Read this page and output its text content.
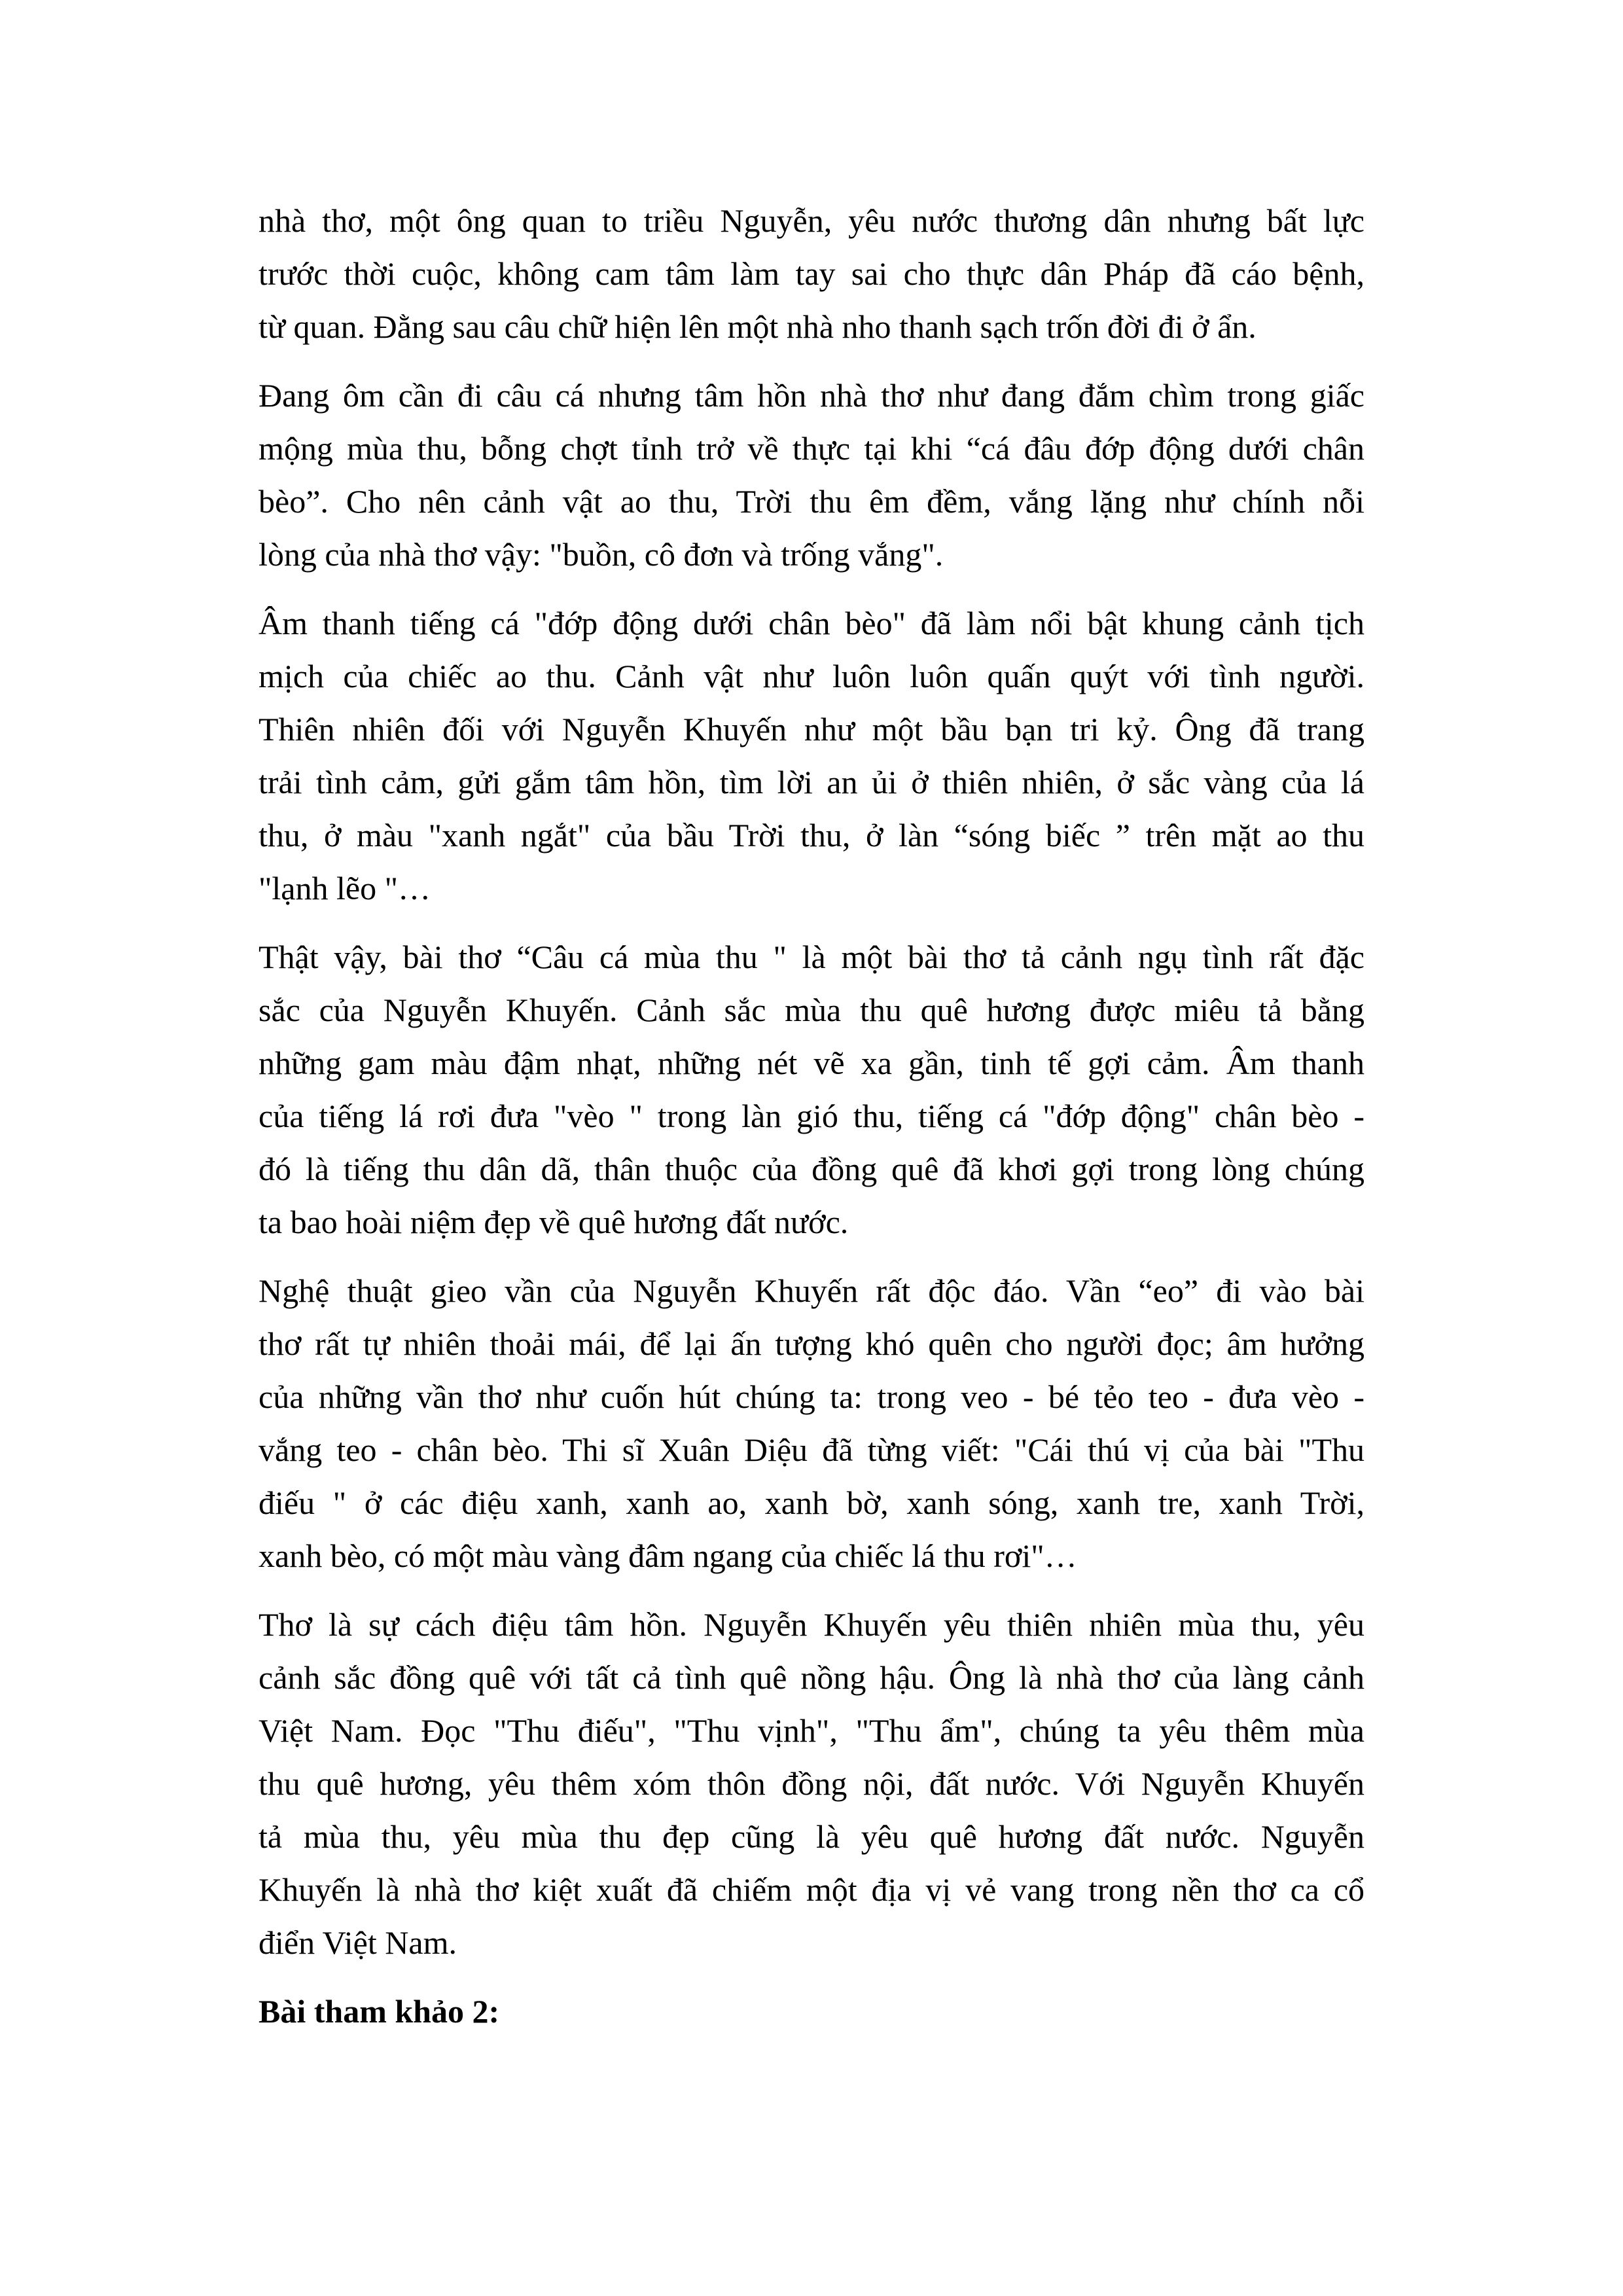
nhà thơ, một ông quan to triều Nguyễn, yêu nước thương dân nhưng bất lực
trước thời cuộc, không cam tâm làm tay sai cho thực dân Pháp đã cáo bệnh,
từ quan. Đằng sau câu chữ hiện lên một nhà nho thanh sạch trốn đời đi ở ẩn.
Đang ôm cần đi câu cá nhưng tâm hồn nhà thơ như đang đắm chìm trong giấc
mộng mùa thu, bỗng chợt tỉnh trở về thực tại khi “cá đâu đớp động dưới chân
bèo”. Cho nên cảnh vật ao thu, Trời thu êm đềm, vắng lặng như chính nỗi
lòng của nhà thơ vậy: "buồn, cô đơn và trống vắng".
Âm thanh tiếng cá "đớp động dưới chân bèo" đã làm nổi bật khung cảnh tịch
mịch của chiếc ao thu. Cảnh vật như luôn luôn quấn quýt với tình người.
Thiên nhiên đối với Nguyễn Khuyến như một bầu bạn tri kỷ. Ông đã trang
trải tình cảm, gửi gắm tâm hồn, tìm lời an ủi ở thiên nhiên, ở sắc vàng của lá
thu, ở màu "xanh ngắt" của bầu Trời thu, ở làn “sóng biếc ” trên mặt ao thu
"lạnh lẽo "…
Thật vậy, bài thơ “Câu cá mùa thu " là một bài thơ tả cảnh ngụ tình rất đặc
sắc của Nguyễn Khuyến. Cảnh sắc mùa thu quê hương được miêu tả bằng
những gam màu đậm nhạt, những nét vẽ xa gần, tinh tế gợi cảm. Âm thanh
của tiếng lá rơi đưa "vèo " trong làn gió thu, tiếng cá "đớp động" chân bèo -
đó là tiếng thu dân dã, thân thuộc của đồng quê đã khơi gợi trong lòng chúng
ta bao hoài niệm đẹp về quê hương đất nước.
Nghệ thuật gieo vần của Nguyễn Khuyến rất độc đáo. Vần “eo” đi vào bài
thơ rất tự nhiên thoải mái, để lại ấn tượng khó quên cho người đọc; âm hưởng
của những vần thơ như cuốn hút chúng ta: trong veo - bé tẻo teo - đưa vèo -
vắng teo - chân bèo. Thi sĩ Xuân Diệu đã từng viết: "Cái thú vị của bài "Thu
điếu " ở các điệu xanh, xanh ao, xanh bờ, xanh sóng, xanh tre, xanh Trời,
xanh bèo, có một màu vàng đâm ngang của chiếc lá thu rơi"…
Thơ là sự cách điệu tâm hồn. Nguyễn Khuyến yêu thiên nhiên mùa thu, yêu
cảnh sắc đồng quê với tất cả tình quê nồng hậu. Ông là nhà thơ của làng cảnh
Việt Nam. Đọc "Thu điếu", "Thu vịnh", "Thu ẩm", chúng ta yêu thêm mùa
thu quê hương, yêu thêm xóm thôn đồng nội, đất nước. Với Nguyễn Khuyến
tả mùa thu, yêu mùa thu đẹp cũng là yêu quê hương đất nước. Nguyễn
Khuyến là nhà thơ kiệt xuất đã chiếm một địa vị vẻ vang trong nền thơ ca cổ
điển Việt Nam.
Bài tham khảo 2:
